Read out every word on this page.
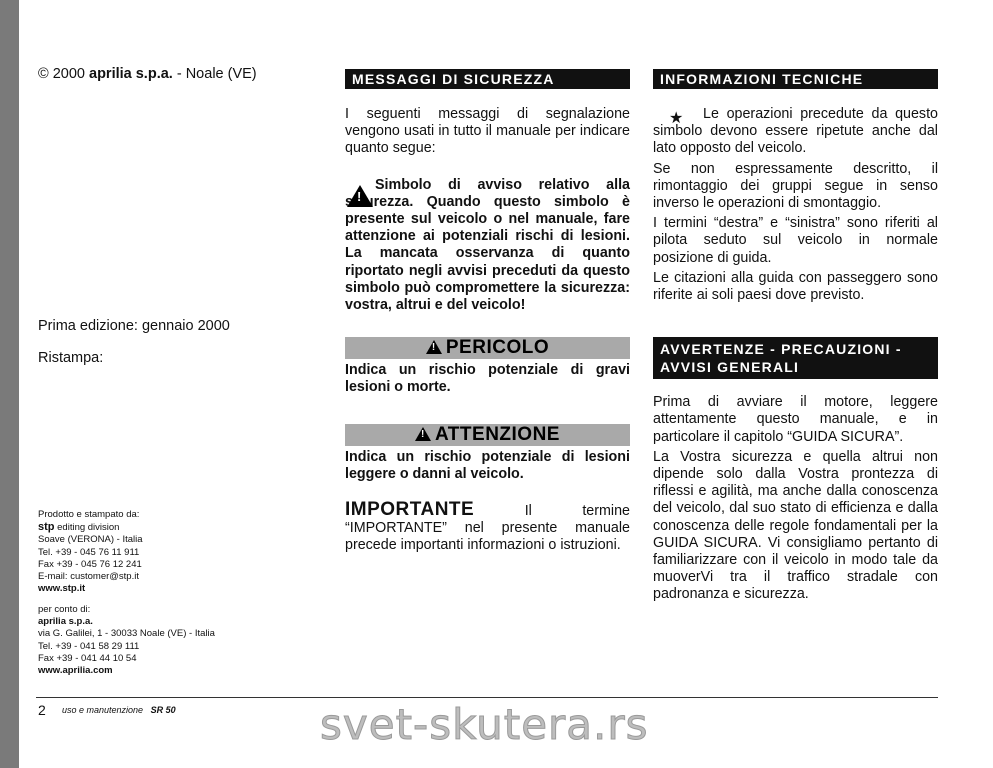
© 2000 aprilia s.p.a. - Noale (VE)
Prima edizione: gennaio 2000
Ristampa:
Prodotto e stampato da:
stp editing division
Soave (VERONA) - Italia
Tel. +39 - 045 76 11 911
Fax +39 - 045 76 12 241
E-mail: customer@stp.it
www.stp.it
per conto di:
aprilia s.p.a.
via G. Galilei, 1 - 30033 Noale (VE) - Italia
Tel. +39 - 041 58 29 111
Fax +39 - 041 44 10 54
www.aprilia.com
MESSAGGI DI SICUREZZA
I seguenti messaggi di segnalazione vengono usati in tutto il manuale per indicare quanto segue:
!
Simbolo di avviso relativo alla sicurezza. Quando questo simbolo è presente sul veicolo o nel manuale, fare attenzione ai potenziali rischi di lesioni. La mancata osservanza di quanto riportato negli avvisi preceduti da questo simbolo può compromettere la sicurezza: vostra, altrui e del veicolo!
!PERICOLO
Indica un rischio potenziale di gravi lesioni o morte.
!ATTENZIONE
Indica un rischio potenziale di lesioni leggere o danni al veicolo.
IMPORTANTE Il termine “IMPORTANTE” nel presente manuale precede importanti informazioni o istruzioni.
INFORMAZIONI TECNICHE
★	Le operazioni precedute da questo simbolo devono essere ripetute anche dal lato opposto del veicolo.
Se non espressamente descritto, il rimontaggio dei gruppi segue in senso inverso le operazioni di smontaggio.
I termini “destra” e “sinistra” sono riferiti al pilota seduto sul veicolo in normale posizione di guida.
Le citazioni alla guida con passeggero sono riferite ai soli paesi dove previsto.
AVVERTENZE - PRECAUZIONI -
AVVISI GENERALI
Prima di avviare il motore, leggere attentamente questo manuale, e in particolare il capitolo “GUIDA SICURA”.
La Vostra sicurezza e quella altrui non dipende solo dalla Vostra prontezza di riflessi e agilità, ma anche dalla conoscenza del veicolo, dal suo stato di efficienza e dalla conoscenza delle regole fondamentali per la GUIDA SICURA. Vi consigliamo pertanto di familiarizzare con il veicolo in modo tale da muoverVi tra il traffico stradale con padronanza e sicurezza.
2 uso e manutenzione SR 50	svet-skutera.rs
